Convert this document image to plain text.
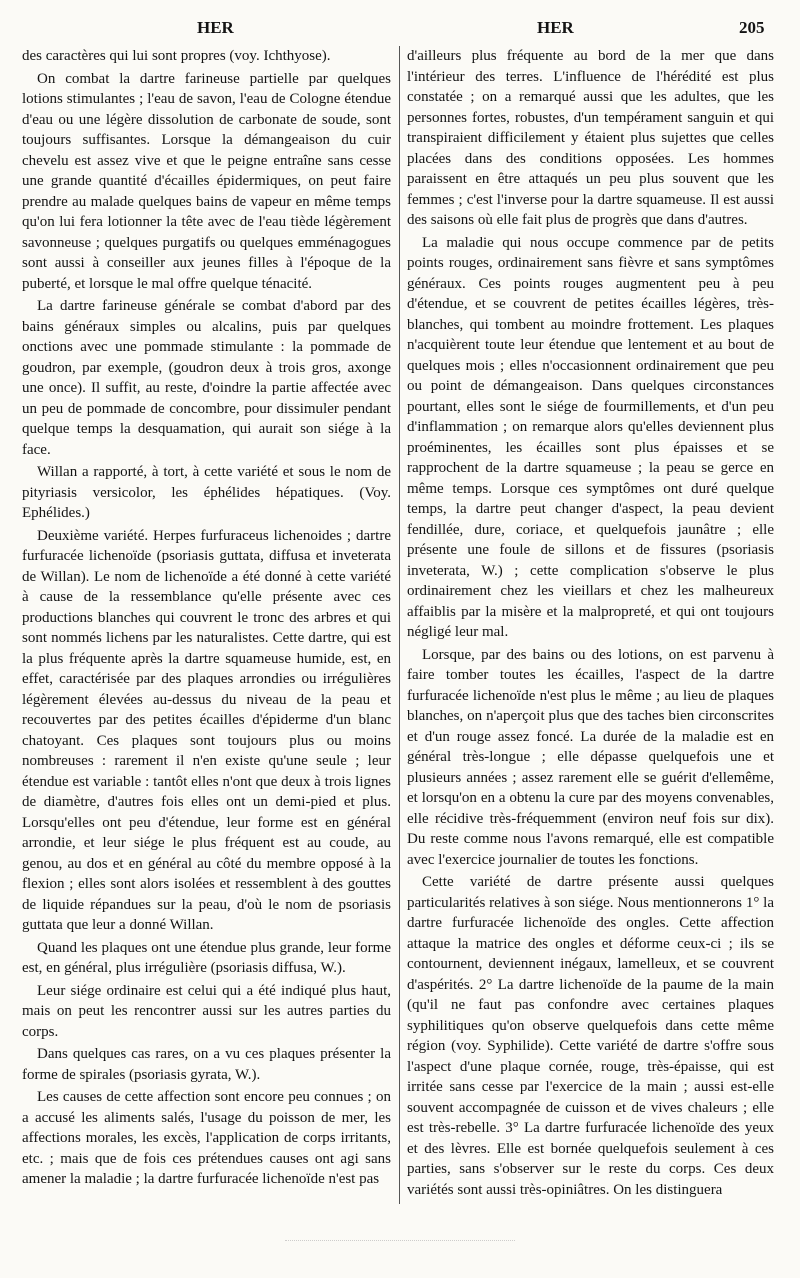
HER	HER	205

des caractères qui lui sont propres (voy. Ichthyose).

On combat la dartre farineuse partielle par quelques lotions stimulantes ; l'eau de savon, l'eau de Cologne étendue d'eau ou une légère dissolution de carbonate de soude, sont toujours suffisantes. Lorsque la démangeaison du cuir chevelu est assez vive et que le peigne entraîne sans cesse une grande quantité d'écailles épidermiques, on peut faire prendre au malade quelques bains de vapeur en même temps qu'on lui fera lotionner la tête avec de l'eau tiède légèrement savonneuse ; quelques purgatifs ou quelques emménagogues sont aussi à conseiller aux jeunes filles à l'époque de la puberté, et lorsque le mal offre quelque ténacité.

La dartre farineuse générale se combat d'abord par des bains généraux simples ou alcalins, puis par quelques onctions avec une pommade stimulante : la pommade de goudron, par exemple, (goudron deux à trois gros, axonge une once). Il suffit, au reste, d'oindre la partie affectée avec un peu de pommade de concombre, pour dissimuler pendant quelque temps la desquamation, qui aurait son siége à la face.

Willan a rapporté, à tort, à cette variété et sous le nom de pityriasis versicolor, les éphélides hépatiques. (Voy. Ephélides.)

Deuxième variété. Herpes furfuraceus lichenoides ; dartre furfuracée lichenoïde (psoriasis guttata, diffusa et inveterata de Willan). Le nom de lichenoïde a été donné à cette variété à cause de la ressemblance qu'elle présente avec ces productions blanches qui couvrent le tronc des arbres et qui sont nommés lichens par les naturalistes. Cette dartre, qui est la plus fréquente après la dartre squameuse humide, est, en effet, caractérisée par des plaques arrondies ou irrégulières légèrement élevées au-dessus du niveau de la peau et recouvertes par des petites écailles d'épiderme d'un blanc chatoyant. Ces plaques sont toujours plus ou moins nombreuses : rarement il n'en existe qu'une seule ; leur étendue est variable : tantôt elles n'ont que deux à trois lignes de diamètre, d'autres fois elles ont un demi-pied et plus. Lorsqu'elles ont peu d'étendue, leur forme est en général arrondie, et leur siége le plus fréquent est au coude, au genou, au dos et en général au côté du membre opposé à la flexion ; elles sont alors isolées et ressemblent à des gouttes de liquide répandues sur la peau, d'où le nom de psoriasis guttata que leur a donné Willan.

Quand les plaques ont une étendue plus grande, leur forme est, en général, plus irrégulière (psoriasis diffusa, W.).

Leur siége ordinaire est celui qui a été indiqué plus haut, mais on peut les rencontrer aussi sur les autres parties du corps.

Dans quelques cas rares, on a vu ces plaques présenter la forme de spirales (psoriasis gyrata, W.).

Les causes de cette affection sont encore peu connues ; on a accusé les aliments salés, l'usage du poisson de mer, les affections morales, les excès, l'application de corps irritants, etc. ; mais que de fois ces prétendues causes ont agi sans amener la maladie ; la dartre furfuracée lichenoïde n'est pas

d'ailleurs plus fréquente au bord de la mer que dans l'intérieur des terres. L'influence de l'hérédité est plus constatée ; on a remarqué aussi que les adultes, que les personnes fortes, robustes, d'un tempérament sanguin et qui transpiraient difficilement y étaient plus sujettes que celles placées dans des conditions opposées. Les hommes paraissent en être attaqués un peu plus souvent que les femmes ; c'est l'inverse pour la dartre squameuse. Il est aussi des saisons où elle fait plus de progrès que dans d'autres.

La maladie qui nous occupe commence par de petits points rouges, ordinairement sans fièvre et sans symptômes généraux. Ces points rouges augmentent peu à peu d'étendue, et se couvrent de petites écailles légères, très-blanches, qui tombent au moindre frottement. Les plaques n'acquièrent toute leur étendue que lentement et au bout de quelques mois ; elles n'occasionnent ordinairement que peu ou point de démangeaison. Dans quelques circonstances pourtant, elles sont le siége de fourmillements, et d'un peu d'inflammation ; on remarque alors qu'elles deviennent plus proéminentes, les écailles sont plus épaisses et se rapprochent de la dartre squameuse ; la peau se gerce en même temps. Lorsque ces symptômes ont duré quelque temps, la dartre peut changer d'aspect, la peau devient fendillée, dure, coriace, et quelquefois jaunâtre ; elle présente une foule de sillons et de fissures (psoriasis inveterata, W.) ; cette complication s'observe le plus ordinairement chez les vieillars et chez les malheureux affaiblis par la misère et la malpropreté, et qui ont toujours négligé leur mal.

Lorsque, par des bains ou des lotions, on est parvenu à faire tomber toutes les écailles, l'aspect de la dartre furfuracée lichenoïde n'est plus le même ; au lieu de plaques blanches, on n'aperçoit plus que des taches bien circonscrites et d'un rouge assez foncé. La durée de la maladie est en général très-longue ; elle dépasse quelquefois une et plusieurs années ; assez rarement elle se guérit d'ellemême, et lorsqu'on en a obtenu la cure par des moyens convenables, elle récidive très-fréquemment (environ neuf fois sur dix). Du reste comme nous l'avons remarqué, elle est compatible avec l'exercice journalier de toutes les fonctions.

Cette variété de dartre présente aussi quelques particularités relatives à son siége. Nous mentionnerons 1° la dartre furfuracée lichenoïde des ongles. Cette affection attaque la matrice des ongles et déforme ceux-ci ; ils se contournent, deviennent inégaux, lamelleux, et se couvrent d'aspérités. 2° La dartre lichenoïde de la paume de la main (qu'il ne faut pas confondre avec certaines plaques syphilitiques qu'on observe quelquefois dans cette même région (voy. Syphilide). Cette variété de dartre s'offre sous l'aspect d'une plaque cornée, rouge, très-épaisse, qui est irritée sans cesse par l'exercice de la main ; aussi est-elle souvent accompagnée de cuisson et de vives chaleurs ; elle est très-rebelle. 3° La dartre furfuracée lichenoïde des yeux et des lèvres. Elle est bornée quelquefois seulement à ces parties, sans s'observer sur le reste du corps. Ces deux variétés sont aussi très-opiniâtres. On les distinguera
